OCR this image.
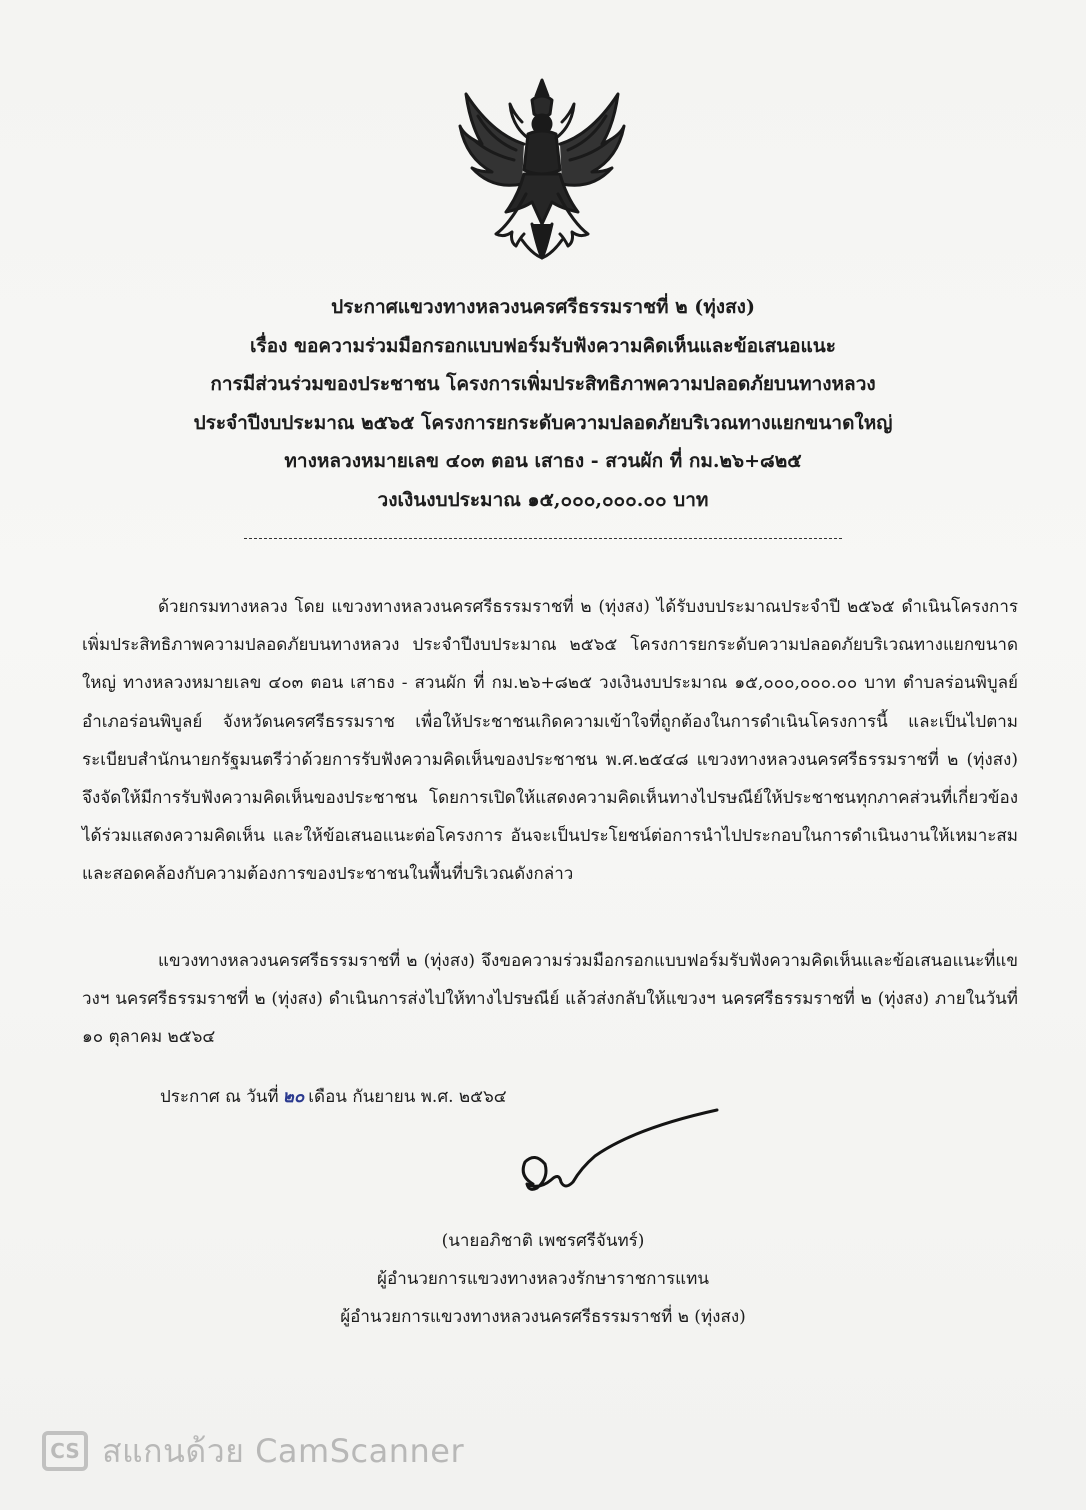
ประกาศแขวงทางหลวงนครศรีธรรมราชที่ ๒ (ทุ่งสง)
เรื่อง ขอความร่วมมือกรอกแบบฟอร์มรับฟังความคิดเห็นและข้อเสนอแนะ
การมีส่วนร่วมของประชาชน โครงการเพิ่มประสิทธิภาพความปลอดภัยบนทางหลวง
ประจำปีงบประมาณ ๒๕๖๕ โครงการยกระดับความปลอดภัยบริเวณทางแยกขนาดใหญ่
ทางหลวงหมายเลข ๔๐๓ ตอน เสาธง - สวนผัก ที่ กม.๒๖+๘๒๕
วงเงินงบประมาณ ๑๕,๐๐๐,๐๐๐.๐๐ บาท

ด้วยกรมทางหลวง โดย แขวงทางหลวงนครศรีธรรมราชที่ ๒ (ทุ่งสง) ได้รับงบประมาณประจำปี ๒๕๖๕ ดำเนินโครงการเพิ่มประสิทธิภาพความปลอดภัยบนทางหลวง ประจำปีงบประมาณ ๒๕๖๕ โครงการยกระดับความปลอดภัยบริเวณทางแยกขนาดใหญ่ ทางหลวงหมายเลข ๔๐๓ ตอน เสาธง - สวนผัก ที่ กม.๒๖+๘๒๕ วงเงินงบประมาณ ๑๕,๐๐๐,๐๐๐.๐๐ บาท ตำบลร่อนพิบูลย์ อำเภอร่อนพิบูลย์ จังหวัดนครศรีธรรมราช เพื่อให้ประชาชนเกิดความเข้าใจที่ถูกต้องในการดำเนินโครงการนี้ และเป็นไปตามระเบียบสำนักนายกรัฐมนตรีว่าด้วยการรับฟังความคิดเห็นของประชาชน พ.ศ.๒๕๔๘ แขวงทางหลวงนครศรีธรรมราชที่ ๒ (ทุ่งสง) จึงจัดให้มีการรับฟังความคิดเห็นของประชาชน โดยการเปิดให้แสดงความคิดเห็นทางไปรษณีย์ให้ประชาชนทุกภาคส่วนที่เกี่ยวข้องได้ร่วมแสดงความคิดเห็น และให้ข้อเสนอแนะต่อโครงการ อันจะเป็นประโยชน์ต่อการนำไปประกอบในการดำเนินงานให้เหมาะสม และสอดคล้องกับความต้องการของประชาชนในพื้นที่บริเวณดังกล่าว

แขวงทางหลวงนครศรีธรรมราชที่ ๒ (ทุ่งสง) จึงขอความร่วมมือกรอกแบบฟอร์มรับฟังความคิดเห็นและข้อเสนอแนะที่แขวงฯ นครศรีธรรมราชที่ ๒ (ทุ่งสง) ดำเนินการส่งไปให้ทางไปรษณีย์ แล้วส่งกลับให้แขวงฯ นครศรีธรรมราชที่ ๒ (ทุ่งสง) ภายในวันที่ ๑๐ ตุลาคม ๒๕๖๔

ประกาศ ณ วันที่ ๒๐ เดือน กันยายน พ.ศ. ๒๕๖๔
(นายอภิชาติ เพชรศรีจันทร์)
ผู้อำนวยการแขวงทางหลวงรักษาราชการแทน
ผู้อำนวยการแขวงทางหลวงนครศรีธรรมราชที่ ๒ (ทุ่งสง)
CS สแกนด้วย CamScanner
